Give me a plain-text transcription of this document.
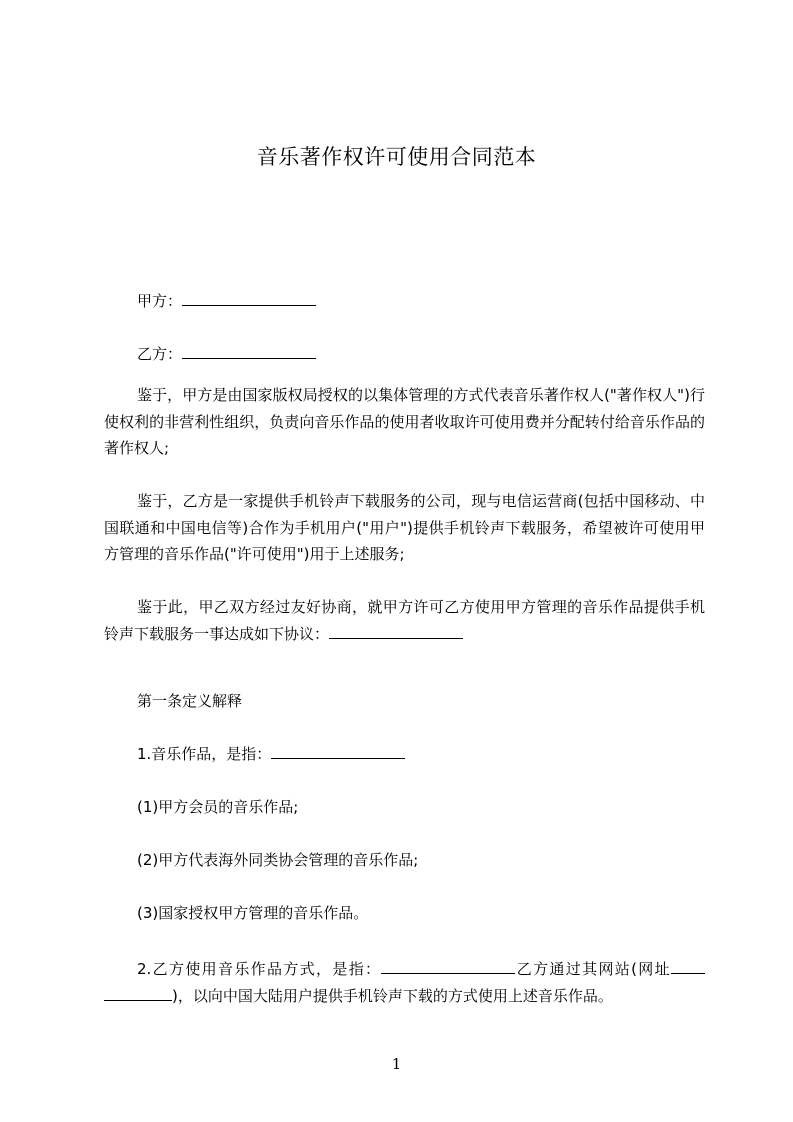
音乐著作权许可使用合同范本
甲方：
乙方：

鉴于，甲方是由国家版权局授权的以集体管理的方式代表音乐著作权人("著作权人")行使权利的非营利性组织，负责向音乐作品的使用者收取许可使用费并分配转付给音乐作品的著作权人;

鉴于，乙方是一家提供手机铃声下载服务的公司，现与电信运营商(包括中国移动、中国联通和中国电信等)合作为手机用户("用户")提供手机铃声下载服务，希望被许可使用甲方管理的音乐作品("许可使用")用于上述服务;

鉴于此，甲乙双方经过友好协商，就甲方许可乙方使用甲方管理的音乐作品提供手机铃声下载服务一事达成如下协议：

第一条定义解释
1.音乐作品，是指：
(1)甲方会员的音乐作品;
(2)甲方代表海外同类协会管理的音乐作品;
(3)国家授权甲方管理的音乐作品。

2.乙方使用音乐作品方式，是指：	乙方通过其网站(网址)，以向中国大陆用户提供手机铃声下载的方式使用上述音乐作品。

1
